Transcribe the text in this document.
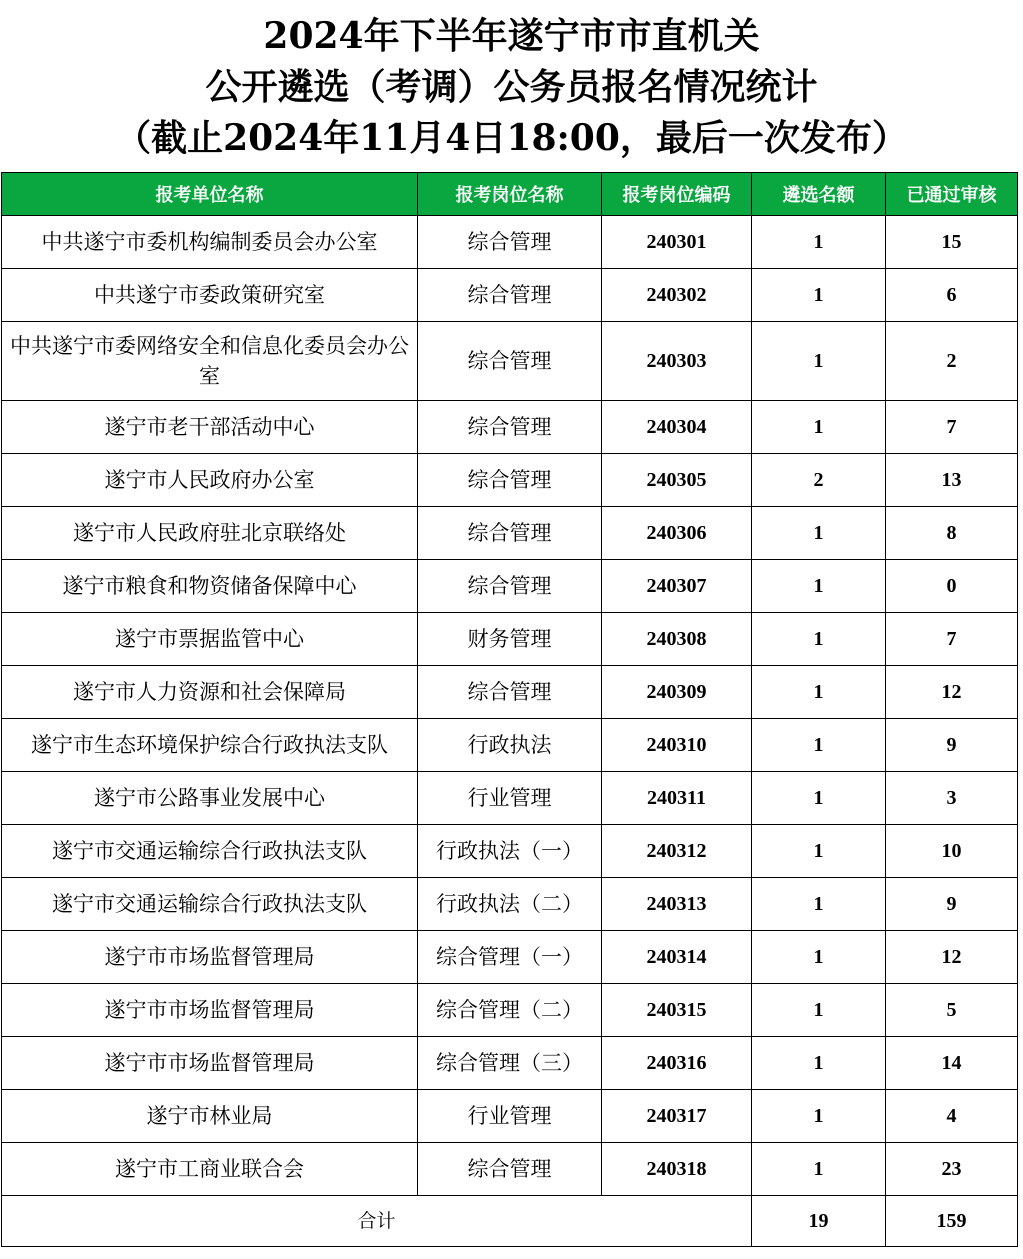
2024年下半年遂宁市市直机关
公开遴选（考调）公务员报名情况统计
（截止2024年11月4日18:00，最后一次发布）
报考单位名称	报考岗位名称	报考岗位编码	遴选名额	已通过审核
中共遂宁市委机构编制委员会办公室	综合管理	240301	1	15
中共遂宁市委政策研究室	综合管理	240302	1	6
中共遂宁市委网络安全和信息化委员会办公室	综合管理	240303	1	2
遂宁市老干部活动中心	综合管理	240304	1	7
遂宁市人民政府办公室	综合管理	240305	2	13
遂宁市人民政府驻北京联络处	综合管理	240306	1	8
遂宁市粮食和物资储备保障中心	综合管理	240307	1	0
遂宁市票据监管中心	财务管理	240308	1	7
遂宁市人力资源和社会保障局	综合管理	240309	1	12
遂宁市生态环境保护综合行政执法支队	行政执法	240310	1	9
遂宁市公路事业发展中心	行业管理	240311	1	3
遂宁市交通运输综合行政执法支队	行政执法（一）	240312	1	10
遂宁市交通运输综合行政执法支队	行政执法（二）	240313	1	9
遂宁市市场监督管理局	综合管理（一）	240314	1	12
遂宁市市场监督管理局	综合管理（二）	240315	1	5
遂宁市市场监督管理局	综合管理（三）	240316	1	14
遂宁市林业局	行业管理	240317	1	4
遂宁市工商业联合会	综合管理	240318	1	23
合计			19	159
